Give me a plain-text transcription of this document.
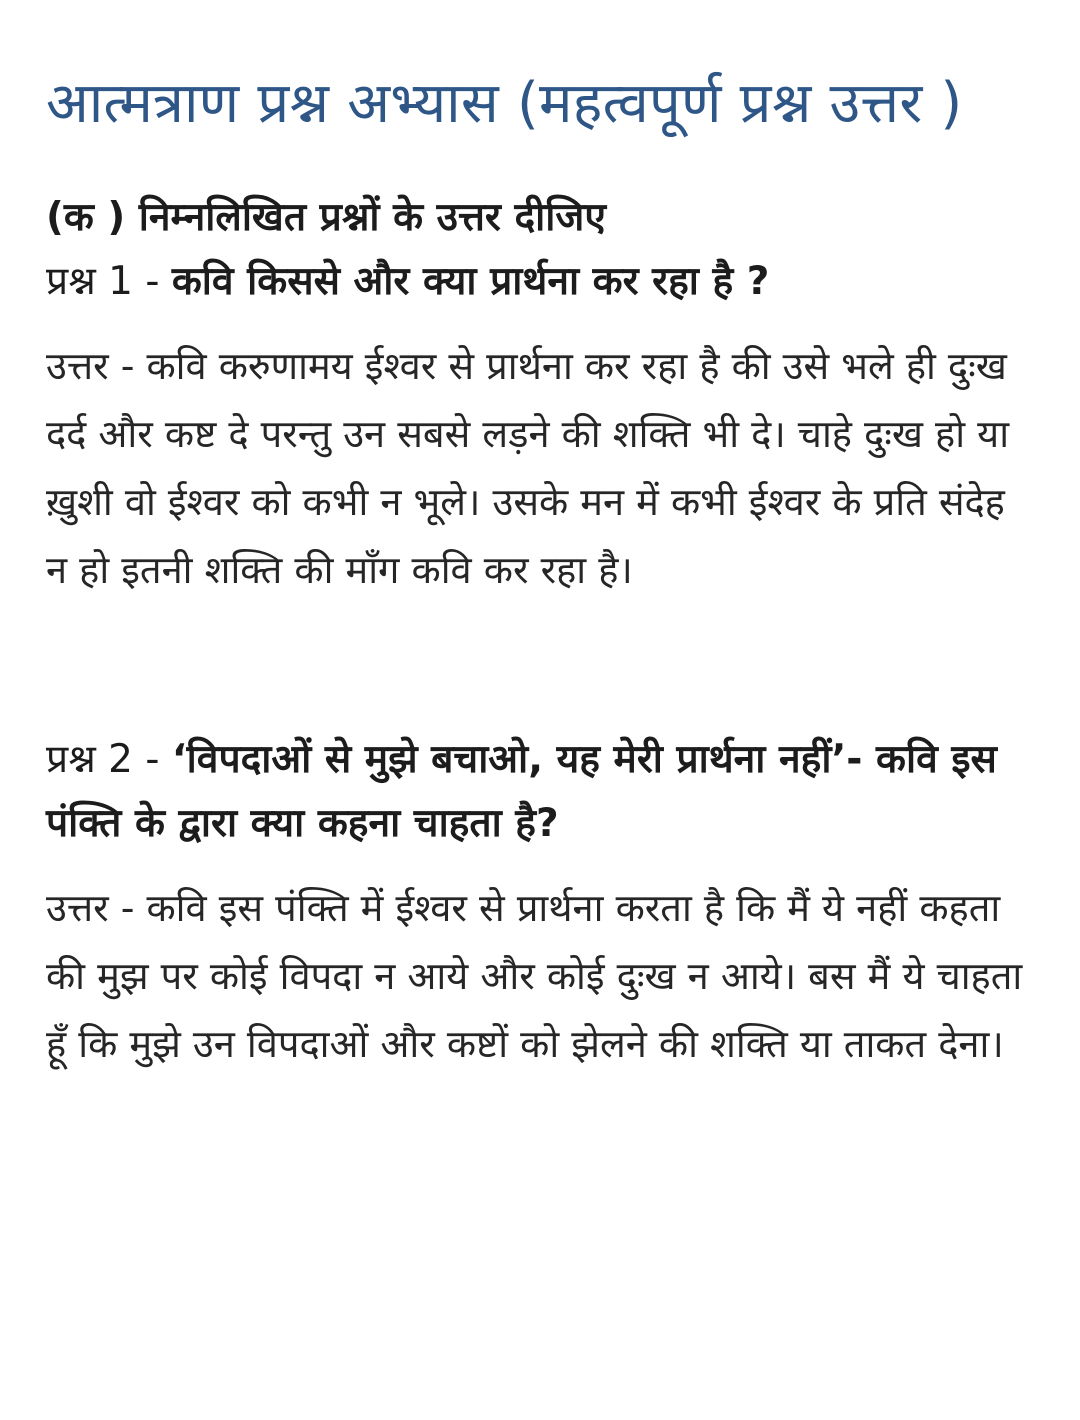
आत्मत्राण प्रश्न अभ्यास (महत्वपूर्ण प्रश्न उत्तर )
(क ) निम्नलिखित प्रश्नों के उत्तर दीजिए
प्रश्न 1 - कवि किससे और क्या प्रार्थना कर रहा है ?

उत्तर - कवि करुणामय ईश्वर से प्रार्थना कर रहा है की उसे भले ही दुःख दर्द और कष्ट दे परन्तु उन सबसे लड़ने की शक्ति भी दे। चाहे दुःख हो या ख़ुशी वो ईश्वर को कभी न भूले। उसके मन में कभी ईश्वर के प्रति संदेह न हो इतनी शक्ति की माँग कवि कर रहा है।

प्रश्न 2 - ‘विपदाओं से मुझे बचाओ, यह मेरी प्रार्थना नहीं’- कवि इस पंक्ति के द्वारा क्या कहना चाहता है?

उत्तर - कवि इस पंक्ति में ईश्वर से प्रार्थना करता है कि मैं ये नहीं कहता की मुझ पर कोई विपदा न आये और कोई दुःख न आये। बस मैं ये चाहता हूँ कि मुझे उन विपदाओं और कष्टों को झेलने की शक्ति या ताकत देना।
